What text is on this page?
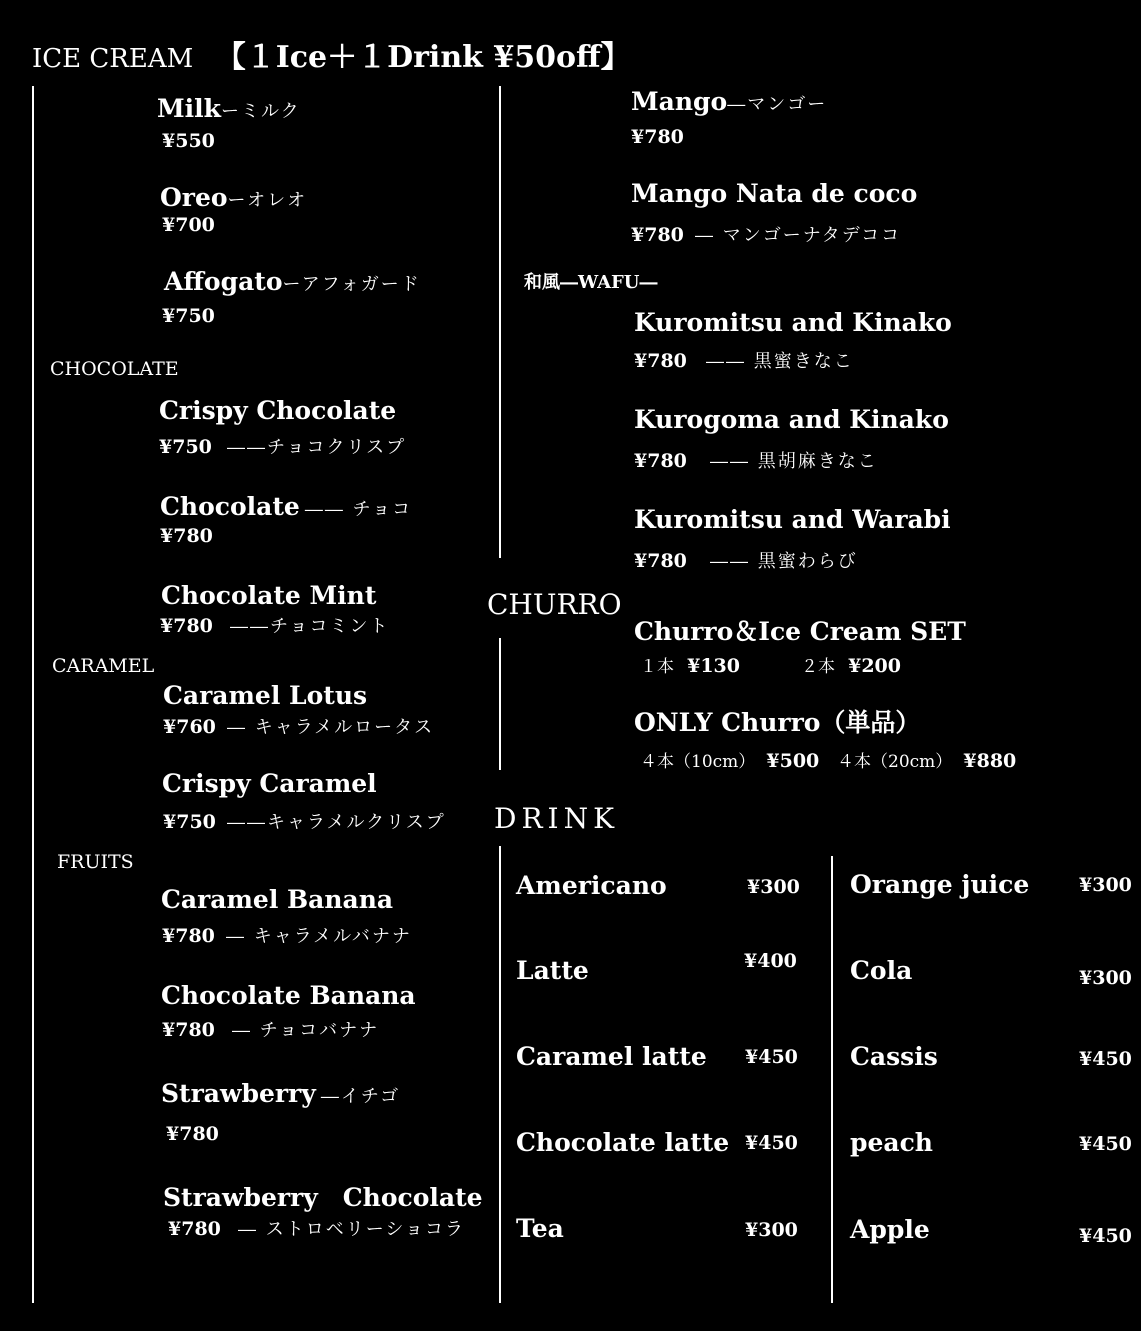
ICE CREAM 【１Ice＋１Drink ¥50off】
Milkーミルク
¥550
Oreoーオレオ
¥700
Affogatoーアフォガード
¥750
CHOCOLATE
Crispy Chocolate
¥750 ――チョコクリスプ
Chocolate ―― チョコ
¥780
Chocolate Mint
¥780 ――チョコミント
CARAMEL
Caramel Lotus
¥760 ― キャラメルロータス
Crispy Caramel
¥750 ――キャラメルクリスプ
FRUITS
Caramel Banana
¥780 ― キャラメルバナナ
Chocolate Banana
¥780 ― チョコバナナ
Strawberry ―イチゴ
¥780
Strawberry　Chocolate
¥780 ― ストロベリーショコラ
Mango―マンゴー
¥780
Mango Nata de coco
¥780 ― マンゴーナタデココ
和風―WAFU―
Kuromitsu and Kinako
¥780 ―― 黒蜜きなこ
Kurogoma and Kinako
¥780 ―― 黒胡麻きなこ
Kuromitsu and Warabi
¥780 ―― 黒蜜わらび
CHURRO
Churro＆Ice Cream SET
１本 ¥130	２本 ¥200
ONLY Churro（単品）
４本（10cm） ¥500 ４本（20cm） ¥880
DRINK
Americano	¥300
Latte	¥400
Caramel latte ¥450
Chocolate latte ¥450
Tea	¥300
Orange juice	¥300
Cola	¥300
Cassis	¥450
peach	¥450
Apple	¥450
